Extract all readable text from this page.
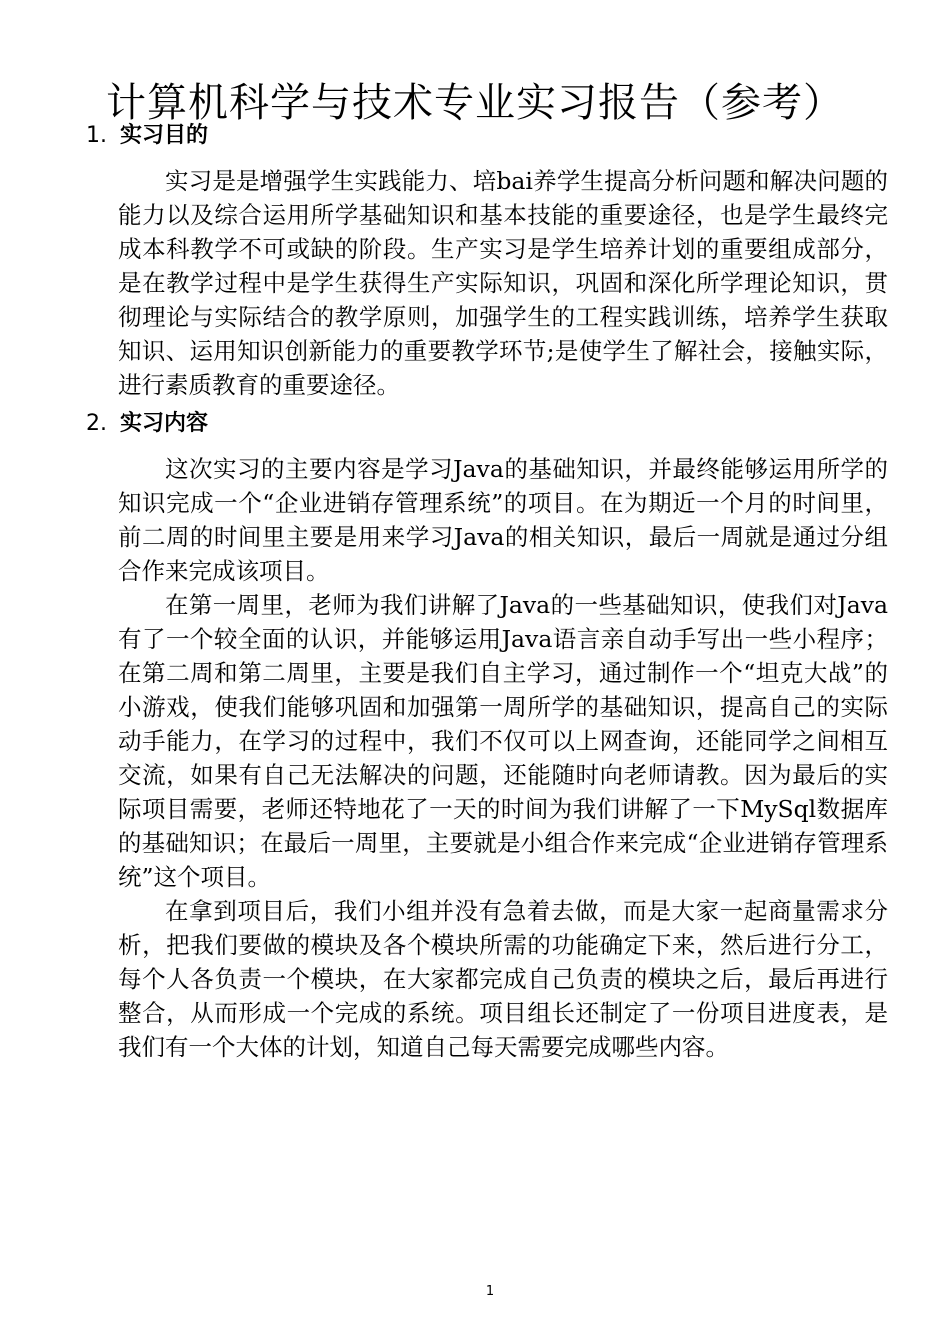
计算机科学与技术专业实习报告（参考）
1. 实习目的

实习是是增强学生实践能力、培bai养学生提高分析问题和解决问题的能力以及综合运用所学基础知识和基本技能的重要途径，也是学生最终完成本科教学不可或缺的阶段。生产实习是学生培养计划的重要组成部分，是在教学过程中是学生获得生产实际知识，巩固和深化所学理论知识，贯彻理论与实际结合的教学原则，加强学生的工程实践训练，培养学生获取知识、运用知识创新能力的重要教学环节;是使学生了解社会，接触实际，进行素质教育的重要途径。

2. 实习内容

这次实习的主要内容是学习Java的基础知识，并最终能够运用所学的知识完成一个“企业进销存管理系统”的项目。在为期近一个月的时间里，前二周的时间里主要是用来学习Java的相关知识，最后一周就是通过分组合作来完成该项目。

在第一周里，老师为我们讲解了Java的一些基础知识，使我们对Java有了一个较全面的认识，并能够运用Java语言亲自动手写出一些小程序；在第二周和第二周里，主要是我们自主学习，通过制作一个“坦克大战”的小游戏，使我们能够巩固和加强第一周所学的基础知识，提高自己的实际动手能力，在学习的过程中，我们不仅可以上网查询，还能同学之间相互交流，如果有自己无法解决的问题，还能随时向老师请教。因为最后的实际项目需要，老师还特地花了一天的时间为我们讲解了一下MySql数据库的基础知识；在最后一周里，主要就是小组合作来完成“企业进销存管理系统”这个项目。

在拿到项目后，我们小组并没有急着去做，而是大家一起商量需求分析，把我们要做的模块及各个模块所需的功能确定下来，然后进行分工，每个人各负责一个模块，在大家都完成自己负责的模块之后，最后再进行整合，从而形成一个完成的系统。项目组长还制定了一份项目进度表，是我们有一个大体的计划，知道自己每天需要完成哪些内容。

1
